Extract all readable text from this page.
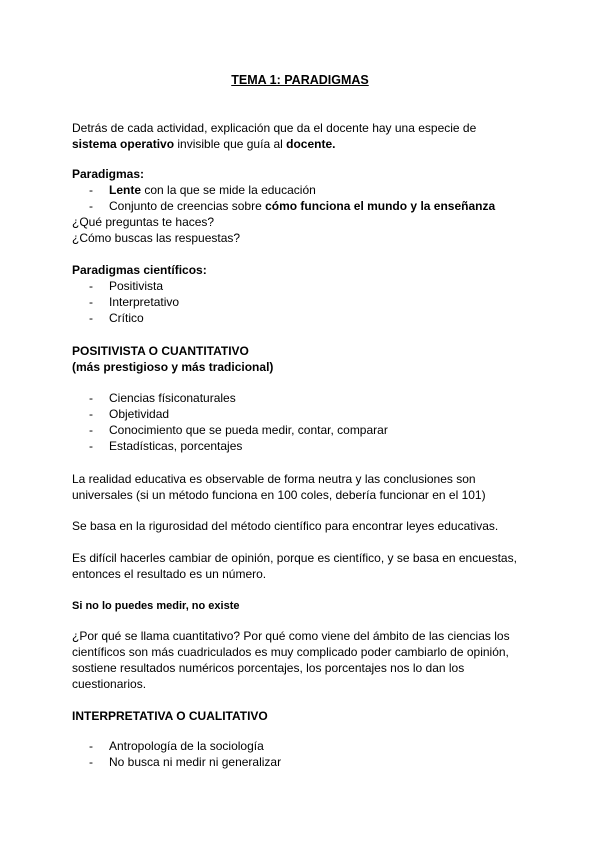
TEMA 1: PARADIGMAS
Detrás de cada actividad, explicación que da el docente hay una especie de
sistema operativo invisible que guía al docente.
Paradigmas:
- Lente con la que se mide la educación
- Conjunto de creencias sobre cómo funciona el mundo y la enseñanza
¿Qué preguntas te haces?
¿Cómo buscas las respuestas?
Paradigmas científicos:
- Positivista
- Interpretativo
- Crítico
POSITIVISTA O CUANTITATIVO
(más prestigioso y más tradicional)
- Ciencias físiconaturales
- Objetividad
- Conocimiento que se pueda medir, contar, comparar
- Estadísticas, porcentajes
La realidad educativa es observable de forma neutra y las conclusiones son
universales (si un método funciona en 100 coles, debería funcionar en el 101)
Se basa en la rigurosidad del método científico para encontrar leyes educativas.
Es difícil hacerles cambiar de opinión, porque es científico, y se basa en encuestas,
entonces el resultado es un número.
Si no lo puedes medir, no existe
¿Por qué se llama cuantitativo? Por qué como viene del ámbito de las ciencias los
científicos son más cuadriculados es muy complicado poder cambiarlo de opinión,
sostiene resultados numéricos porcentajes, los porcentajes nos lo dan los
cuestionarios.
INTERPRETATIVA O CUALITATIVO
- Antropología de la sociología
- No busca ni medir ni generalizar
